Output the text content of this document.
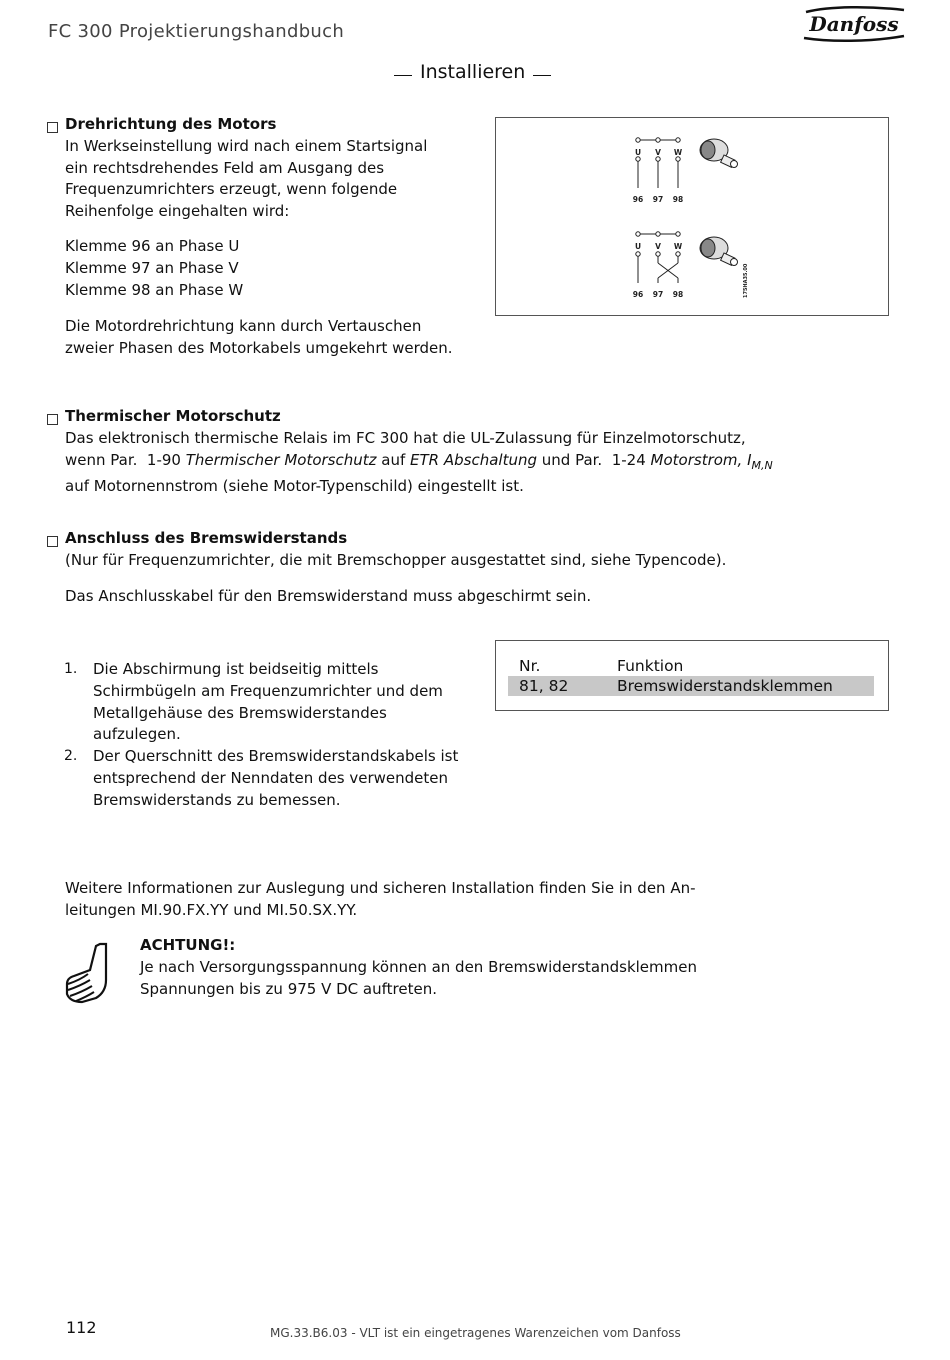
FC 300 Projektierungshandbuch	Danfoss
Installieren
Drehrichtung des Motors
In Werkseinstellung wird nach einem Startsignal
ein rechtsdrehendes Feld am Ausgang des
Frequenzumrichters erzeugt, wenn folgende
Reihenfolge eingehalten wird:
Klemme 96 an Phase U
Klemme 97 an Phase V
Klemme 98 an Phase W
Die Motordrehrichtung kann durch Vertauschen
zweier Phasen des Motorkabels umgekehrt werden.
U V W
96 97 98
U V W
96 97 98	175HA35.00
Thermischer Motorschutz
Das elektronisch thermische Relais im FC 300 hat die UL-Zulassung für Einzelmotorschutz,
wenn Par.  1-90 Thermischer Motorschutz auf ETR Abschaltung und Par.  1-24 Motorstrom, $I_{M,N}$
auf Motornennstrom (siehe Motor-Typenschild) eingestellt ist.
Anschluss des Bremswiderstands
(Nur für Frequenzumrichter, die mit Bremschopper ausgestattet sind, siehe Typencode).
Das Anschlusskabel für den Bremswiderstand muss abgeschirmt sein.
1. Die Abschirmung ist beidseitig mittels
Schirmbügeln am Frequenzumrichter und dem
Metallgehäuse des Bremswiderstandes
aufzulegen.
2. Der Querschnitt des Bremswiderstandskabels ist
entsprechend der Nenndaten des verwendeten
Bremswiderstands zu bemessen.
Nr.	Funktion
81, 82	Bremswiderstandsklemmen
Weitere Informationen zur Auslegung und sicheren Installation finden Sie in den An-
leitungen MI.90.FX.YY und MI.50.SX.YY.
ACHTUNG!:
Je nach Versorgungsspannung können an den Bremswiderstandsklemmen
Spannungen bis zu 975 V DC auftreten.
112	MG.33.B6.03 - VLT ist ein eingetragenes Warenzeichen vom Danfoss
